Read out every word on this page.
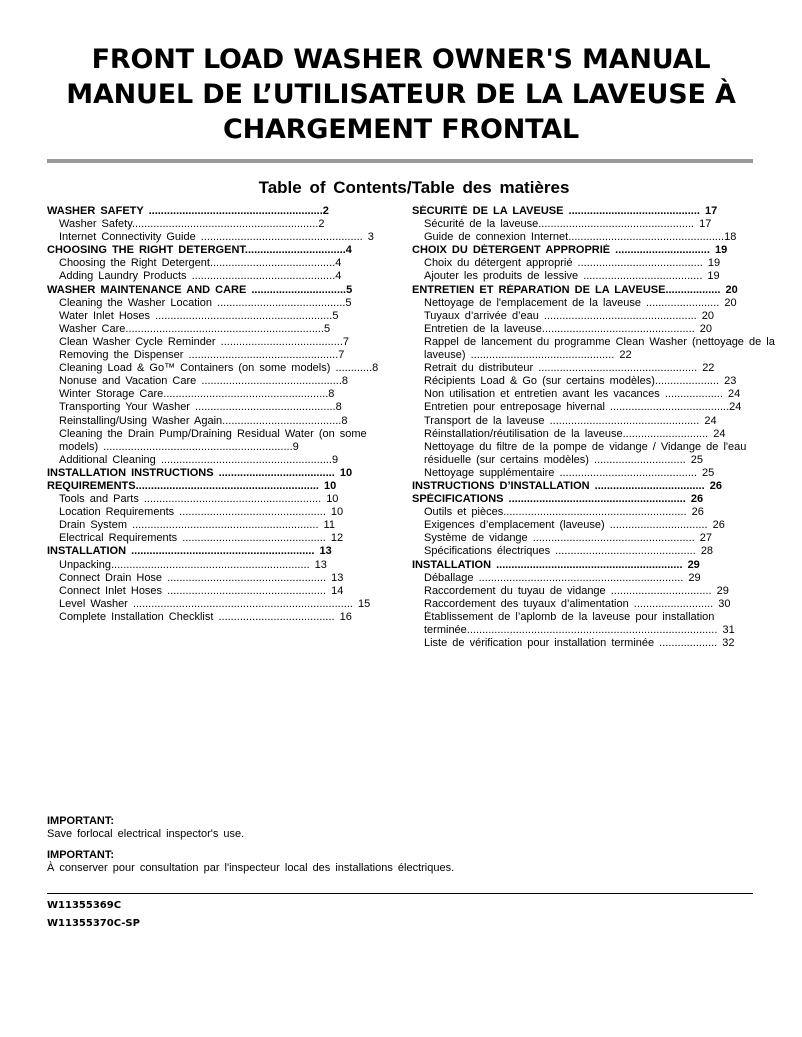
FRONT LOAD WASHER OWNER'S MANUAL
MANUEL DE L’UTILISATEUR DE LA LAVEUSE À
CHARGEMENT FRONTAL
Table of Contents/Table des matières
WASHER SAFETY .........................................................2
Washer Safety.............................................................2
Internet Connectivity Guide ..................................................... 3
CHOOSING THE RIGHT DETERGENT.................................4
Choosing the Right Detergent.........................................4
Adding Laundry Products ...............................................4
WASHER MAINTENANCE AND CARE ...............................5
Cleaning the Washer Location ..........................................5
Water Inlet Hoses ..........................................................5
Washer Care.................................................................5
Clean Washer Cycle Reminder ........................................7
Removing the Dispenser .................................................7
Cleaning Load & Go™ Containers (on some models) ............8
Nonuse and Vacation Care ..............................................8
Winter Storage Care......................................................8
Transporting Your Washer ..............................................8
Reinstalling/Using Washer Again.......................................8
Cleaning the Drain Pump/Draining Residual Water (on some models) ..............................................................9
Additional Cleaning ........................................................9
INSTALLATION INSTRUCTIONS ...................................... 10
REQUIREMENTS............................................................ 10
Tools and Parts .......................................................... 10
Location Requirements ................................................ 10
Drain System ............................................................. 11
Electrical Requirements ............................................... 12
INSTALLATION ............................................................ 13
Unpacking................................................................. 13
Connect Drain Hose .................................................... 13
Connect Inlet Hoses .................................................... 14
Level Washer ........................................................................ 15
Complete Installation Checklist ...................................... 16
SÉCURITÉ DE LA LAVEUSE ........................................... 17
Sécurité de la laveuse................................................... 17
Guide de connexion Internet...................................................18
CHOIX DU DÉTERGENT APPROPRIÉ ............................... 19
Choix du détergent approprié ......................................... 19
Ajouter les produits de lessive ....................................... 19
ENTRETIEN ET RÉPARATION DE LA LAVEUSE.................. 20
Nettoyage de l'emplacement de la laveuse ........................ 20
Tuyaux d’arrivée d’eau .................................................. 20
Entretien de la laveuse.................................................. 20
Rappel de lancement du programme Clean Washer (nettoyage de la laveuse) ............................................... 22
Retrait du distributeur .................................................... 22
Récipients Load & Go (sur certains modèles)..................... 23
Non utilisation et entretien avant les vacances ................... 24
Entretien pour entreposage hivernal .......................................24
Transport de la laveuse ................................................. 24
Réinstallation/réutilisation de la laveuse............................ 24
Nettoyage du filtre de la pompe de vidange / Vidange de l'eau résiduelle (sur certains modèles) .............................. 25
Nettoyage supplémentaire ............................................. 25
INSTRUCTIONS D’INSTALLATION .................................... 26
SPÉCIFICATIONS .......................................................... 26
Outils et pièces............................................................ 26
Exigences d’emplacement (laveuse) ................................ 26
Système de vidange ..................................................... 27
Spécifications électriques .............................................. 28
INSTALLATION ............................................................. 29
Déballage ................................................................... 29
Raccordement du tuyau de vidange ................................. 29
Raccordement des tuyaux d’alimentation .......................... 30
Établissement de l’aplomb de la laveuse pour installation terminée.................................................................................. 31
Liste de vérification pour installation terminée ................... 32
IMPORTANT:
Save forlocal electrical inspector's use.
IMPORTANT:
À conserver pour consultation par l'inspecteur local des installations électriques.
W11355369C
W11355370C-SP
